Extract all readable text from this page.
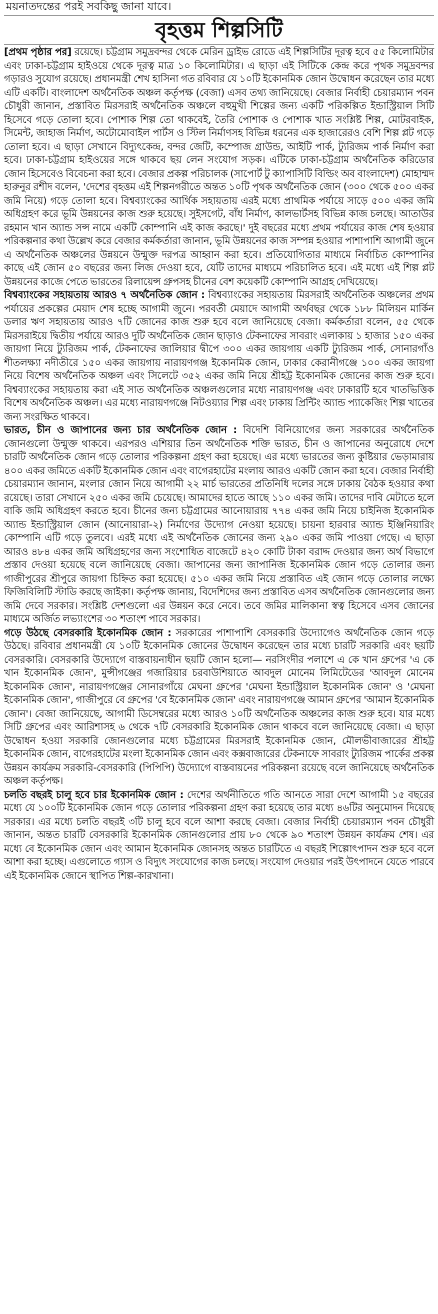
ময়নাতদন্তের পরই সবকিছু জানা যাবে।
বৃহত্তম শিল্পসিটি
[প্রথম পৃষ্ঠার পর] রয়েছে। চট্টগ্রাম সমুদ্রবন্দর থেকে মেরিন ড্রাইভ রোডে এই শিল্পসিটির দূরত্ব হবে ৫৫ কিলোমিটার এবং ঢাকা-চট্টগ্রাম হাইওয়ে থেকে দূরত্ব মাত্র ১০ কিলোমিটার। এ ছাড়া এই সিটিকে কেন্দ্র করে পৃথক সমুদ্রবন্দর গড়ারও সুযোগ রয়েছে। প্রধানমন্ত্রী শেখ হাসিনা গত রবিবার যে ১০টি ইকোনমিক জোন উদ্বোধন করেছেন তার মধ্যে এটি একটি। বাংলাদেশ অর্থনৈতিক অঞ্চল কর্তৃপক্ষ (বেজা) এসব তথ্য জানিয়েছে। বেজার নির্বাহী চেয়ারম্যান পবন চৌধুরী জানান, প্রস্তাবিত মিরসরাই অর্থনৈতিক অঞ্চলে বহুমুখী শিল্পের জন্য একটি পরিকল্পিত ইন্ডাস্ট্রিয়াল সিটি হিসেবে গড়ে তোলা হবে। পোশাক শিল্প তো থাকবেই, তৈরি পোশাক ও পোশাক খাত সংশ্লিষ্ট শিল্প, মোটরবাইক, সিমেন্ট, জাহাজ নির্মাণ, অটোমোবাইল পার্টস ও স্টিল নির্মাণসহ বিভিন্ন ধরনের এক হাজারেরও বেশি শিল্প প্লট গড়ে তোলা হবে। এ ছাড়া সেখানে বিদ্যুৎকেন্দ্র, বন্দর জেটি, কম্পোজ গ্রাউন্ড, আইটি পার্ক, ট্যুরিজম পার্ক নির্মাণ করা হবে। ঢাকা-চট্টগ্রাম হাইওয়ের সঙ্গে থাকবে ছয় লেন সংযোগ সড়ক। এটিকে ঢাকা-চট্টগ্রাম অর্থনৈতিক করিডোর জোন হিসেবেও বিবেচনা করা হবে। বেজার প্রকল্প পরিচালক (সাপোর্ট টু ক্যাপাসিটি বিল্ডিং অব বাংলাদেশ) মোহাম্মদ হারুনুর রশীদ বলেন, 'দেশের বৃহত্তম এই শিল্পনগরীতে অন্তত ১০টি পৃথক অর্থনৈতিক জোন (৩০০ থেকে ৫০০ একর জমি নিয়ে) গড়ে তোলা হবে। বিশ্বব্যাংকের আর্থিক সহায়তায় এরই মধ্যে প্রাথমিক পর্যায়ে সাড়ে ৫০০ একর জমি অধিগ্রহণ করে ভূমি উন্নয়নের কাজ শুরু হয়েছে। সুইসগেট, বাঁধ নির্মাণ, কালভার্টসহ বিভিন্ন কাজ চলছে। আতাউর রহমান খান অ্যান্ড সন্স নামে একটি কোম্পানি এই কাজ করছে।' দুই বছরের মধ্যে প্রথম পর্যায়ের কাজ শেষ হওয়ার পরিকল্পনার কথা উল্লেখ করে বেজার কর্মকর্তারা জানান, ভূমি উন্নয়নের কাজ সম্পন্ন হওয়ার পাশাপাশি আগামী জুনে এ অর্থনৈতিক অঞ্চলের উন্নয়নে উন্মুক্ত দরপত্র আহ্বান করা হবে। প্রতিযোগিতার মাধ্যমে নির্বাচিত কোম্পানির কাছে এই জোন ৫০ বছরের জন্য লিজ দেওয়া হবে, যেটি তাদের মাধ্যমে পরিচালিত হবে। এই মধ্যে এই শিল্প প্লট উন্নয়নের কাজে পেতে ভারতের রিলায়েন্স গ্রুপসহ চীনের বেশ কয়েকটি কোম্পানি আগ্রহ দেখিয়েছে।
বিশ্বব্যাংকের সহায়তায় আরও ৭ অর্থনৈতিক জোন : বিশ্বব্যাংকের সহায়তায় মিরসরাই অর্থনৈতিক অঞ্চলের প্রথম পর্যায়ের প্রকল্পের মেয়াদ শেষ হচ্ছে আগামী জুনে। পরবর্তী মেয়াদে আগামী অর্থবছর থেকে ১৮৮ মিলিয়ন মার্কিন ডলার ঋণ সহায়তায় আরও ৭টি জোনের কাজ শুরু হবে বলে জানিয়েছে বেজা। কর্মকর্তারা বলেন, ৫৫ থেকে মিরসরাইয়ে দ্বিতীয় পর্যায়ে আরও দুটি অর্থনৈতিক জোন ছাড়াও টেকনাফের সাবরাং এলাকায় ১ হাজার ১৫০ একর জায়গা নিয়ে ট্যুরিজম পার্ক, টেকনাফের জালিয়ার দ্বীপে ৩০০ একর জায়গায় একটি ট্যুরিজম পার্ক, সোনারগাঁও শীতলক্ষ্যা নদীতীরে ১৫০ একর জায়গায় নারায়ণগঞ্জ ইকোনমিক জোন, ঢাকার কেরানীগঞ্জে ১০০ একর জায়গা নিয়ে বিশেষ অর্থনৈতিক অঞ্চল এবং সিলেটে ৩৫২ একর জমি নিয়ে শ্রীহট্ট ইকোনমিক জোনের কাজ শুরু হবে। বিশ্বব্যাংকের সহায়তায় করা এই সাত অর্থনৈতিক অঞ্চলগুলোর মধ্যে নারায়ণগঞ্জ এবং ঢাকারটি হবে খাতভিত্তিক বিশেষ অর্থনৈতিক অঞ্চল। এর মধ্যে নারায়ণগঞ্জে নিটওয়্যার শিল্প এবং ঢাকায় প্রিন্টিং অ্যান্ড প্যাকেজিং শিল্প খাতের জন্য সংরক্ষিত থাকবে।
ভারত, চীন ও জাপানের জন্য চার অর্থনৈতিক জোন : বিদেশি বিনিয়োগের জন্য সরকারের অর্থনৈতিক জোনগুলো উন্মুক্ত থাকবে। এরপরও এশিয়ার তিন অর্থনৈতিক শক্তি ভারত, চীন ও জাপানের অনুরোধে দেশে চারটি অর্থনৈতিক জোন গড়ে তোলার পরিকল্পনা গ্রহণ করা হয়েছে। এর মধ্যে ভারতের জন্য কুষ্টিয়ার ভেড়ামারায় ৪০০ একর জমিতে একটি ইকোনমিক জোন এবং বাগেরহাটের মংলায় আরও একটি জোন করা হবে। বেজার নির্বাহী চেয়ারম্যান জানান, মংলার জোন নিয়ে আগামী ২২ মার্চ ভারতের প্রতিনিধি দলের সঙ্গে ঢাকায় বৈঠক হওয়ার কথা রয়েছে। তারা সেখানে ২৫০ একর জমি চেয়েছে। আমাদের হাতে আছে ১১০ একর জমি। তাদের দাবি মেটাতে হলে বাকি জমি অধিগ্রহণ করতে হবে। চীনের জন্য চট্টগ্রামের আনোয়ারায় ৭৭৪ একর জমি নিয়ে চাইনিজ ইকোনমিক অ্যান্ড ইন্ডাস্ট্রিয়াল জোন (আনোয়ারা-২) নির্মাণের উদ্যোগ নেওয়া হয়েছে। চায়না হারবার অ্যান্ড ইঞ্জিনিয়ারিং কোম্পানি এটি গড়ে তুলবে। এরই মধ্যে এই অর্থনৈতিক জোনের জন্য ২৯০ একর জমি পাওয়া গেছে। এ ছাড়া আরও ৪৮৪ একর জমি অধিগ্রহণের জন্য সংশোধিত বাজেটে ৪২০ কোটি টাকা বরাদ্দ দেওয়ার জন্য অর্থ বিভাগে প্রস্তাব দেওয়া হয়েছে বলে জানিয়েছে বেজা। জাপানের জন্য জাপানিজ ইকোনমিক জোন গড়ে তোলার জন্য গাজীপুরের শ্রীপুরে জায়গা চিহ্নিত করা হয়েছে। ৫১০ একর জমি নিয়ে প্রস্তাবিত এই জোন গড়ে তোলার লক্ষ্যে ফিজিবিলিটি স্টাডি করছে জাইকা। কর্তৃপক্ষ জানায়, বিদেশিদের জন্য প্রস্তাবিত এসব অর্থনৈতিক জোনগুলোর জন্য জমি দেবে সরকার। সংশ্লিষ্ট দেশগুলো এর উন্নয়ন করে নেবে। তবে জমির মালিকানা স্বত্ব হিসেবে এসব জোনের মাধ্যমে অর্জিত লভ্যাংশের ৩০ শতাংশ পাবে সরকার।
গড়ে উঠছে বেসরকারি ইকোনমিক জোন : সরকারের পাশাপাশি বেসরকারি উদ্যোগেও অর্থনৈতিক জোন গড়ে উঠছে। রবিবার প্রধানমন্ত্রী যে ১০টি ইকোনমিক জোনের উদ্বোধন করেছেন তার মধ্যে চারটি সরকারি এবং ছয়টি বেসরকারি। বেসরকারি উদ্যোগে বাস্তবায়নাধীন ছয়টি জোন হলো— নরসিংদীর পলাশে এ কে খান গ্রুপের 'এ কে খান ইকোনমিক জোন', মুন্সীগঞ্জের গজারিয়ার চরবাউশিয়াতে আবদুল মোনেম লিমিটেডের 'আবদুল মোনেম ইকোনমিক জোন', নারায়ণগঞ্জের সোনারগাঁয়ে মেঘনা গ্রুপের 'মেঘনা ইন্ডাস্ট্রিয়াল ইকোনমিক জোন' ও 'মেঘনা ইকোনমিক জোন', গাজীপুরে বে গ্রুপের 'বে ইকোনমিক জোন' এবং নারায়ণগঞ্জে আমান গ্রুপের 'আমান ইকোনমিক জোন'। বেজা জানিয়েছে, আগামী ডিসেম্বরের মধ্যে আরও ১০টি অর্থনৈতিক অঞ্চলের কাজ শুরু হবে। যার মধ্যে সিটি গ্রুপের এবং আরিশাসহ ৬ থেকে ৭টি বেসরকারি ইকোনমিক জোন থাকবে বলে জানিয়েছে বেজা। এ ছাড়া উদ্বোধন হওয়া সরকারি জোনগুলোর মধ্যে চট্টগ্রামের মিরসরাই ইকোনমিক জোন, মৌলভীবাজারের শ্রীহট্ট ইকোনমিক জোন, বাগেরহাটের মংলা ইকোনমিক জোন এবং কক্সবাজারের টেকনাফে সাবরাং ট্যুরিজম পার্কের প্রকল্প উন্নয়ন কার্যক্রম সরকারি-বেসরকারি (পিপিপি) উদ্যোগে বাস্তবায়নের পরিকল্পনা রয়েছে বলে জানিয়েছে অর্থনৈতিক অঞ্চল কর্তৃপক্ষ।
চলতি বছরই চালু হবে চার ইকোনমিক জোন : দেশের অর্থনীতিতে গতি আনতে সারা দেশে আগামী ১৫ বছরের মধ্যে যে ১০০টি ইকোনমিক জোন গড়ে তোলার পরিকল্পনা গ্রহণ করা হয়েছে তার মধ্যে ৪৬টির অনুমোদন দিয়েছে সরকার। এর মধ্যে চলতি বছরই ৩টি চালু হবে বলে আশা করছে বেজা। বেজার নির্বাহী চেয়ারম্যান পবন চৌধুরী জানান, অন্তত চারটি বেসরকারি ইকোনমিক জোনগুলোর প্রায় ৮০ থেকে ৯০ শতাংশ উন্নয়ন কার্যক্রম শেষ। এর মধ্যে বে ইকোনমিক জোন এবং আমান ইকোনমিক জোনসহ অন্তত চারটিতে এ বছরই শিল্পোৎপাদন শুরু হবে বলে আশা করা হচ্ছে। এগুলোতে গ্যাস ও বিদ্যুৎ সংযোগের কাজ চলছে। সংযোগ দেওয়ার পরই উৎপাদনে যেতে পারবে এই ইকোনমিক জোনে স্থাপিত শিল্প-কারখানা।
